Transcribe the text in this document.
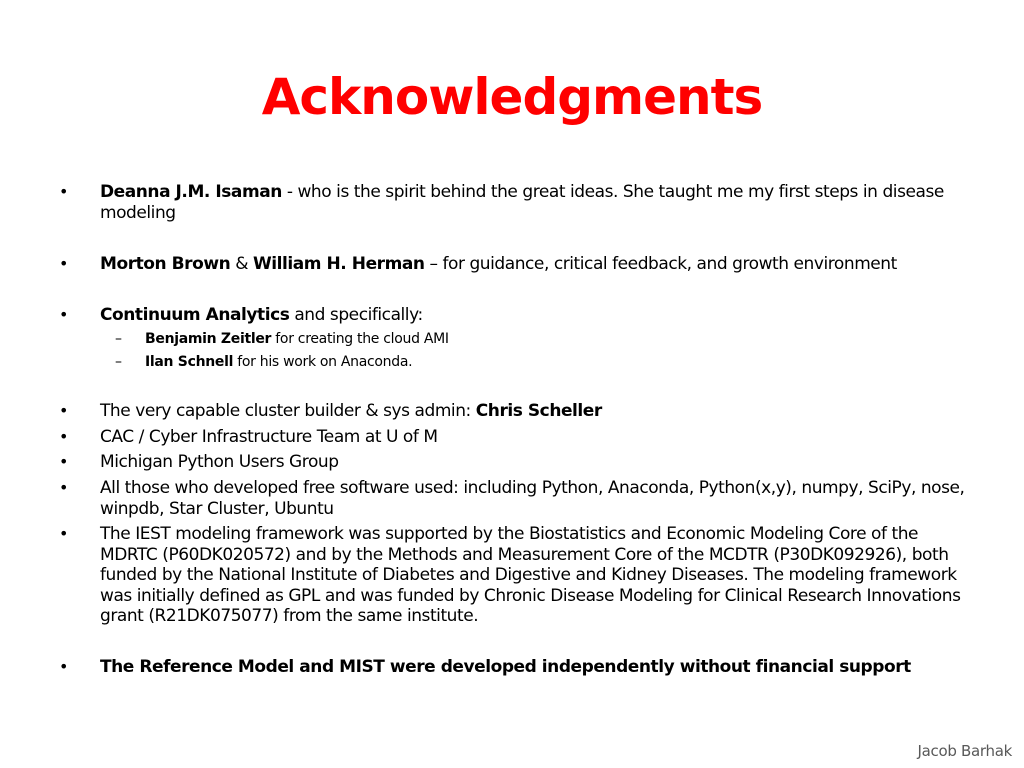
Acknowledgments
• Deanna J.M. Isaman - who is the spirit behind the great ideas. She taught me my first steps in disease modeling
• Morton Brown & William H. Herman – for guidance, critical feedback, and growth environment
• Continuum Analytics and specifically:
– Benjamin Zeitler for creating the cloud AMI
– Ilan Schnell for his work on Anaconda.
• The very capable cluster builder & sys admin: Chris Scheller
• CAC / Cyber Infrastructure Team at U of M
• Michigan Python Users Group
• All those who developed free software used: including Python, Anaconda, Python(x,y), numpy, SciPy, nose, winpdb, Star Cluster, Ubuntu
• The IEST modeling framework was supported by the Biostatistics and Economic Modeling Core of the MDRTC (P60DK020572) and by the Methods and Measurement Core of the MCDTR (P30DK092926), both funded by the National Institute of Diabetes and Digestive and Kidney Diseases. The modeling framework was initially defined as GPL and was funded by Chronic Disease Modeling for Clinical Research Innovations grant (R21DK075077) from the same institute.
• The Reference Model and MIST were developed independently without financial support
Jacob Barhak
